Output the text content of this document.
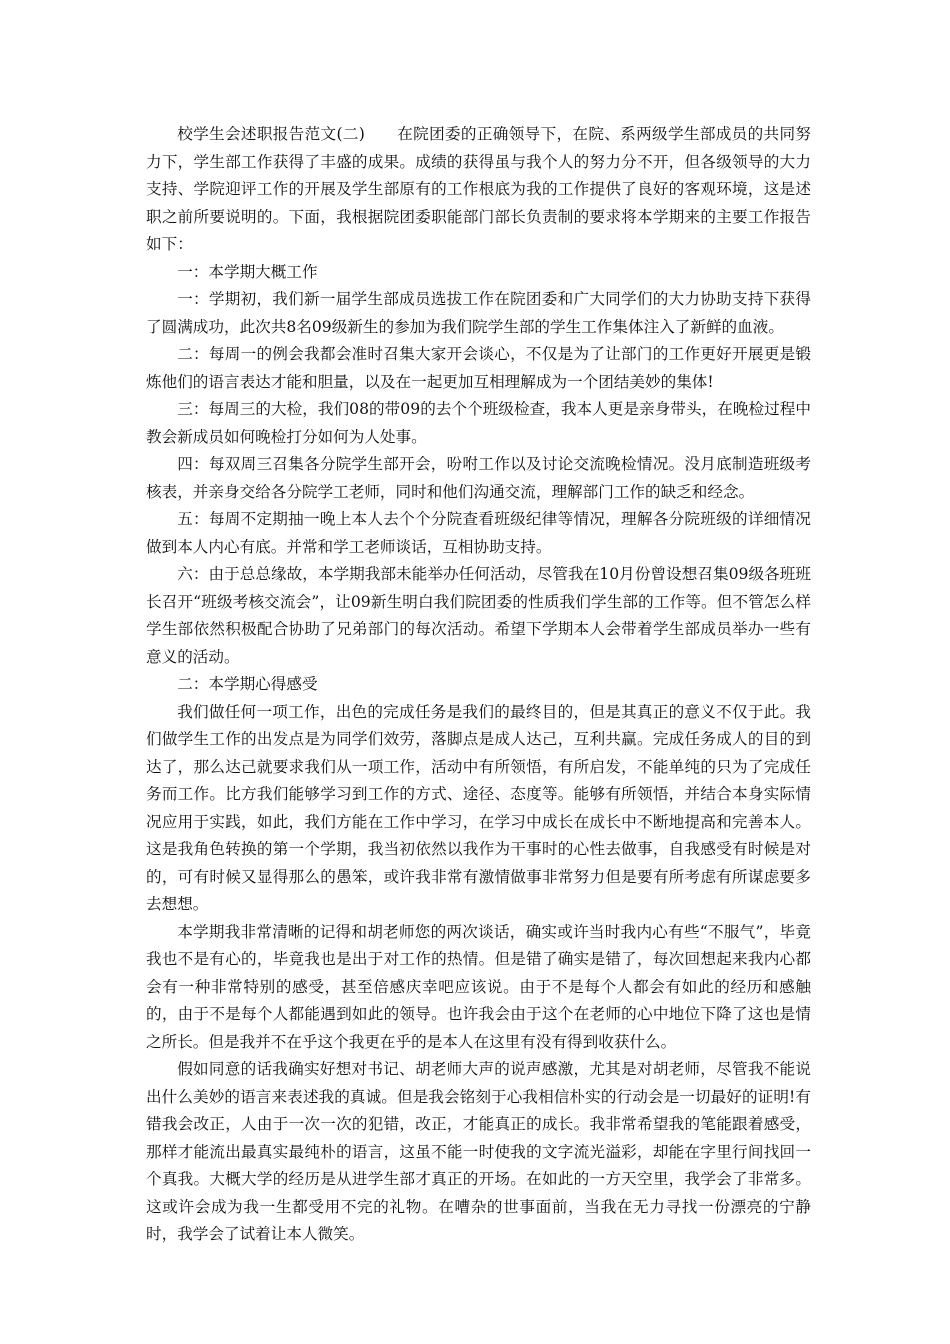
校学生会述职报告范文(二) 在院团委的正确领导下，在院、系两级学生部成员的共同努力下，学生部工作获得了丰盛的成果。成绩的获得虽与我个人的努力分不开，但各级领导的大力支持、学院迎评工作的开展及学生部原有的工作根底为我的工作提供了良好的客观环境，这是述职之前所要说明的。下面，我根据院团委职能部门部长负责制的要求将本学期来的主要工作报告如下：

一：本学期大概工作

一：学期初，我们新一届学生部成员选拔工作在院团委和广大同学们的大力协助支持下获得了圆满成功，此次共8名09级新生的参加为我们院学生部的学生工作集体注入了新鲜的血液。

二：每周一的例会我都会准时召集大家开会谈心，不仅是为了让部门的工作更好开展更是锻炼他们的语言表达才能和胆量，以及在一起更加互相理解成为一个团结美妙的集体!

三：每周三的大检，我们08的带09的去个个班级检查，我本人更是亲身带头，在晚检过程中教会新成员如何晚检打分如何为人处事。

四：每双周三召集各分院学生部开会，吩咐工作以及讨论交流晚检情况。没月底制造班级考核表，并亲身交给各分院学工老师，同时和他们沟通交流，理解部门工作的缺乏和经念。

五：每周不定期抽一晚上本人去个个分院查看班级纪律等情况，理解各分院班级的详细情况做到本人内心有底。并常和学工老师谈话，互相协助支持。

六：由于总总缘故，本学期我部未能举办任何活动，尽管我在10月份曾设想召集09级各班班长召开“班级考核交流会”，让09新生明白我们院团委的性质我们学生部的工作等。但不管怎么样学生部依然积极配合协助了兄弟部门的每次活动。希望下学期本人会带着学生部成员举办一些有意义的活动。

二：本学期心得感受

我们做任何一项工作，出色的完成任务是我们的最终目的，但是其真正的意义不仅于此。我们做学生工作的出发点是为同学们效劳，落脚点是成人达己，互利共赢。完成任务成人的目的到达了，那么达己就要求我们从一项工作，活动中有所领悟，有所启发，不能单纯的只为了完成任务而工作。比方我们能够学习到工作的方式、途径、态度等。能够有所领悟，并结合本身实际情况应用于实践，如此，我们方能在工作中学习，在学习中成长在成长中不断地提高和完善本人。这是我角色转换的第一个学期，我当初依然以我作为干事时的心性去做事，自我感受有时候是对的，可有时候又显得那么的愚笨，或许我非常有激情做事非常努力但是要有所考虑有所谋虑要多去想想。

本学期我非常清晰的记得和胡老师您的两次谈话，确实或许当时我内心有些“不服气”，毕竟我也不是有心的，毕竟我也是出于对工作的热情。但是错了确实是错了，每次回想起来我内心都会有一种非常特别的感受，甚至倍感庆幸吧应该说。由于不是每个人都会有如此的经历和感触的，由于不是每个人都能遇到如此的领导。也许我会由于这个在老师的心中地位下降了这也是情之所长。但是我并不在乎这个我更在乎的是本人在这里有没有得到收获什么。

假如同意的话我确实好想对书记、胡老师大声的说声感激，尤其是对胡老师，尽管我不能说出什么美妙的语言来表述我的真诚。但是我会铭刻于心我相信朴实的行动会是一切最好的证明!有错我会改正，人由于一次一次的犯错，改正，才能真正的成长。我非常希望我的笔能跟着感受，那样才能流出最真实最纯朴的语言，这虽不能一时使我的文字流光溢彩，却能在字里行间找回一个真我。大概大学的经历是从进学生部才真正的开场。在如此的一方天空里，我学会了非常多。这或许会成为我一生都受用不完的礼物。在嘈杂的世事面前，当我在无力寻找一份漂亮的宁静时，我学会了试着让本人微笑。
